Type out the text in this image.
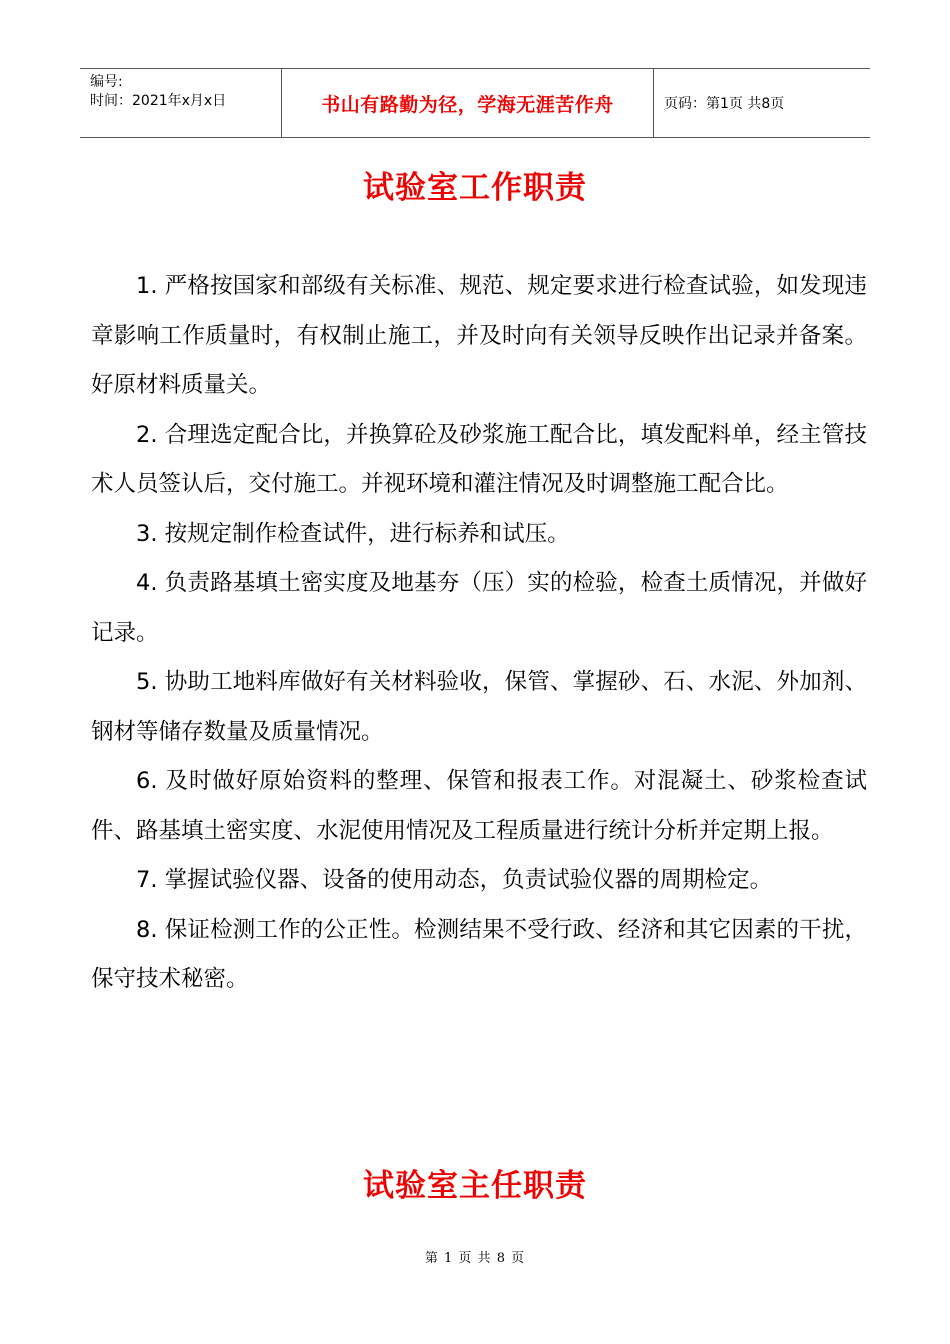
编号:
时间：2021年x月x日	书山有路勤为径，学海无涯苦作舟	页码：第1页 共8页
试验室工作职责

1. 严格按国家和部级有关标准、规范、规定要求进行检查试验，如发现违章影响工作质量时，有权制止施工，并及时向有关领导反映作出记录并备案。好原材料质量关。

2. 合理选定配合比，并换算砼及砂浆施工配合比，填发配料单，经主管技术人员签认后，交付施工。并视环境和灌注情况及时调整施工配合比。

3. 按规定制作检查试件，进行标养和试压。

4. 负责路基填土密实度及地基夯（压）实的检验，检查土质情况，并做好记录。

5. 协助工地料库做好有关材料验收，保管、掌握砂、石、水泥、外加剂、钢材等储存数量及质量情况。

6. 及时做好原始资料的整理、保管和报表工作。对混凝土、砂浆检查试件、路基填土密实度、水泥使用情况及工程质量进行统计分析并定期上报。

7. 掌握试验仪器、设备的使用动态，负责试验仪器的周期检定。

8. 保证检测工作的公正性。检测结果不受行政、经济和其它因素的干扰，保守技术秘密。

试验室主任职责
第 1 页 共 8 页
